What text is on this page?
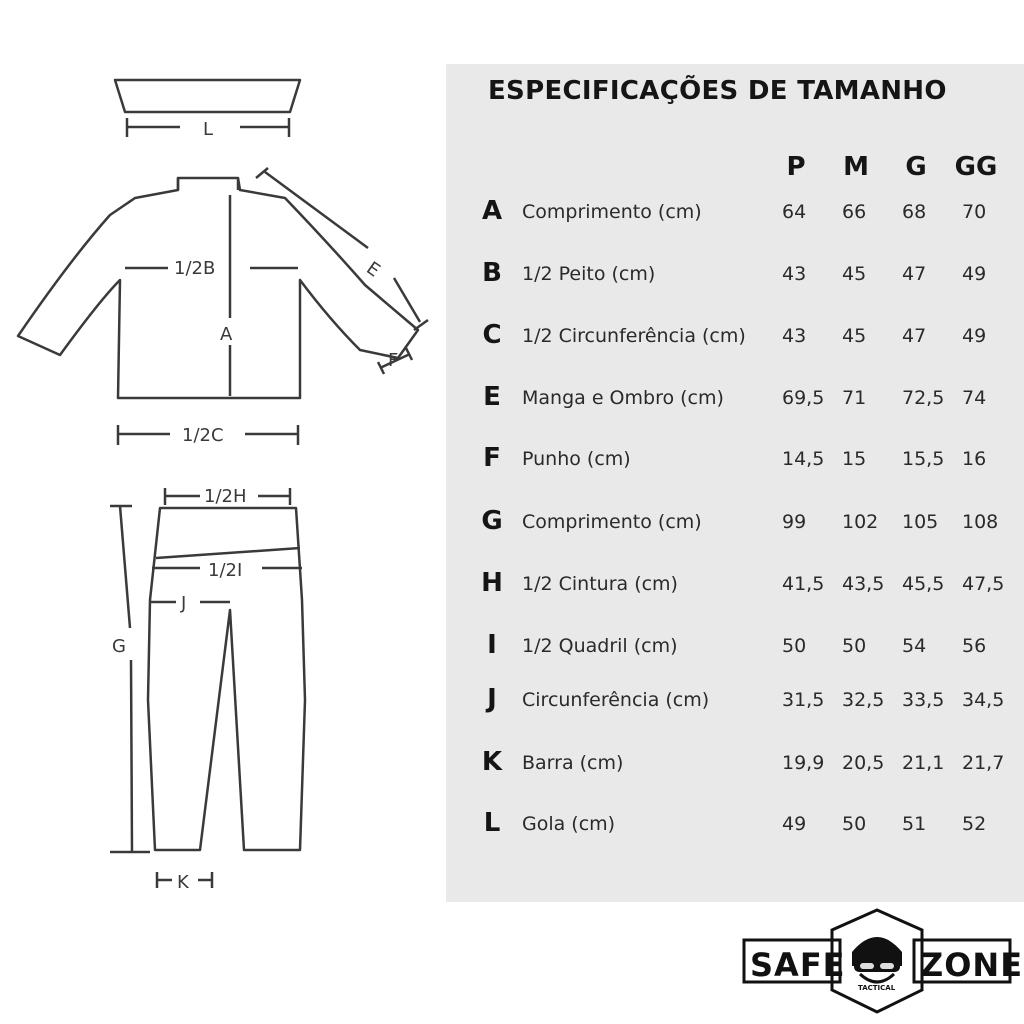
L
1/2B
A
E
F
1/2C
1/2H
1/2I
J
G
K
ESPECIFICAÇÕES DE TAMANHO
P	M	G	GG
A Comprimento (cm)	64 66 68 70
B 1/2 Peito (cm)	43 45 47 49
C 1/2 Circunferência (cm) 43 45 47 49
E Manga e Ombro (cm)	69,5 71 72,5 74
F Punho (cm)	14,5 15 15,5 16
G Comprimento (cm)	99 102 105 108
H 1/2 Cintura (cm)	41,5 43,5 45,5 47,5
I	1/2 Quadril (cm)	50 50 54 56
J	Circunferência (cm)	31,5 32,5 33,5 34,5
K Barra (cm)	19,9 20,5 21,1 21,7
L	Gola (cm)	49 50 51 52
SAFE ZONE
TACTICAL
